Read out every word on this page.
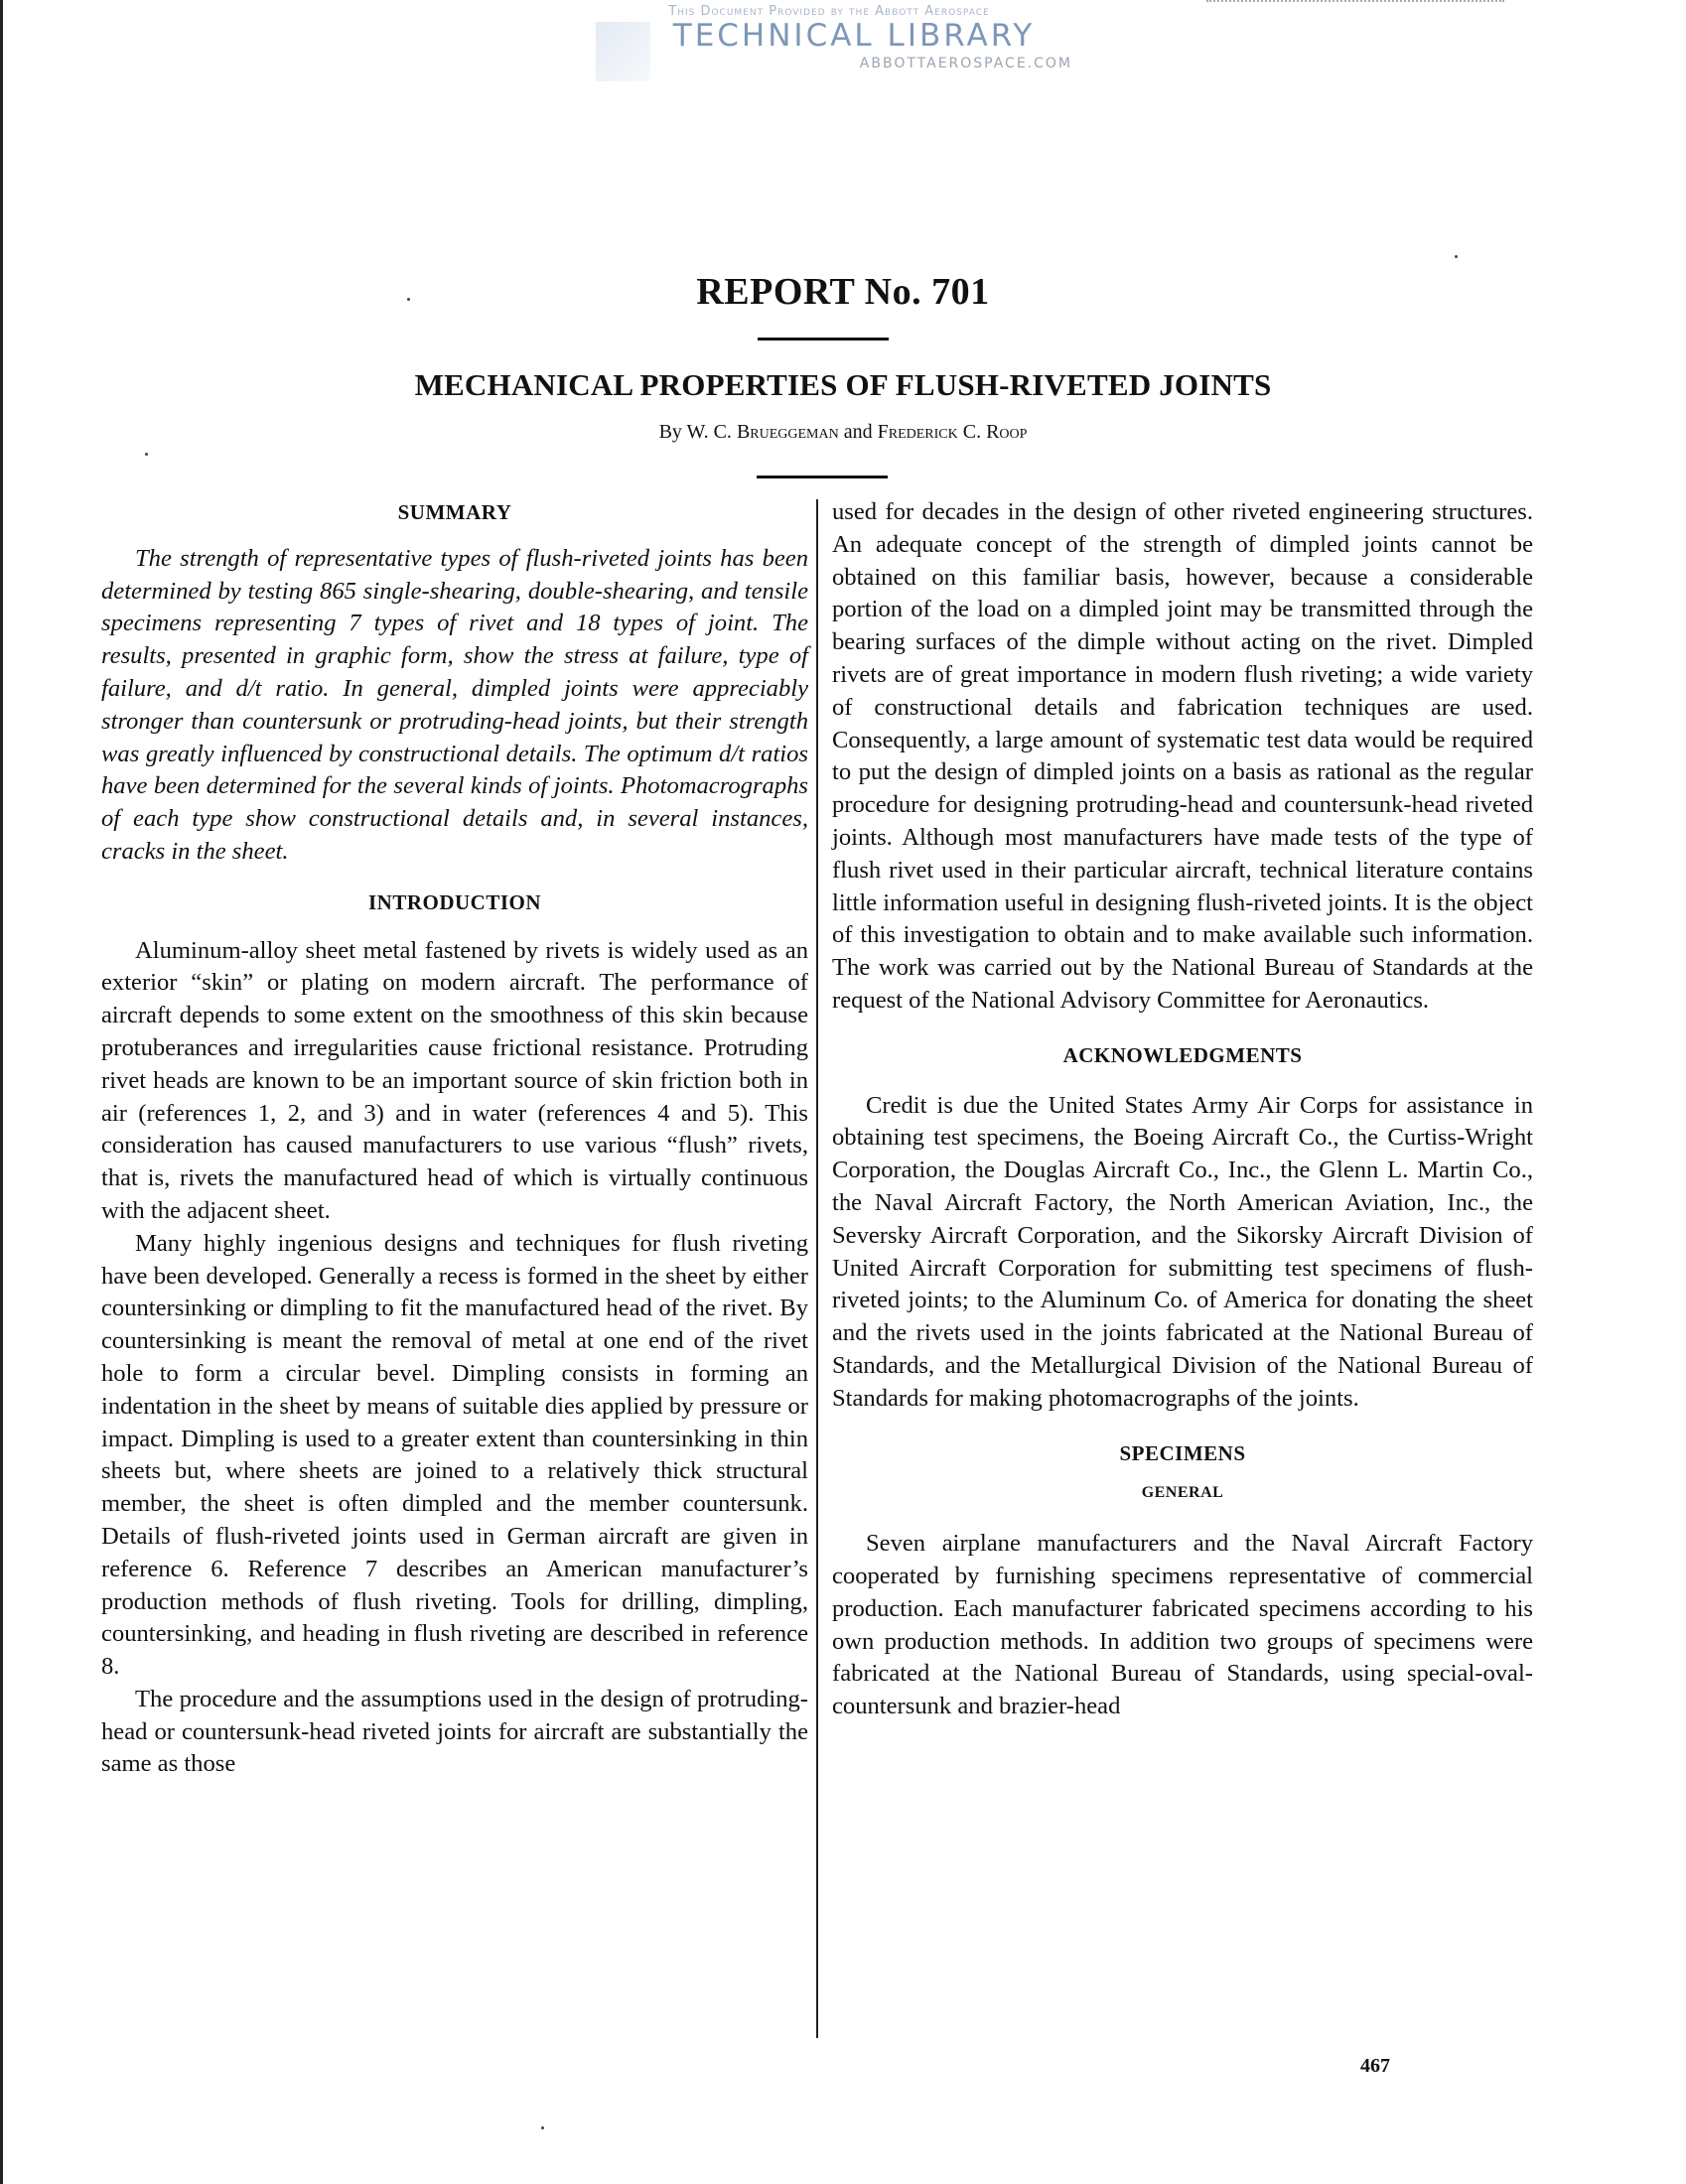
This Document Provided by the Abbott Aerospace
TECHNICAL LIBRARY
ABBOTTAEROSPACE.COM
REPORT No. 701
MECHANICAL PROPERTIES OF FLUSH-RIVETED JOINTS
By W. C. Brueggeman and Frederick C. Roop
SUMMARY

The strength of representative types of flush-riveted joints has been determined by testing 865 single-shearing, double-shearing, and tensile specimens representing 7 types of rivet and 18 types of joint. The results, presented in graphic form, show the stress at failure, type of failure, and d/t ratio. In general, dimpled joints were appreciably stronger than countersunk or protruding-head joints, but their strength was greatly influenced by constructional details. The optimum d/t ratios have been determined for the several kinds of joints. Photomacrographs of each type show constructional details and, in several instances, cracks in the sheet.

INTRODUCTION

Aluminum-alloy sheet metal fastened by rivets is widely used as an exterior “skin” or plating on modern aircraft. The performance of aircraft depends to some extent on the smoothness of this skin because protuberances and irregularities cause frictional resistance. Protruding rivet heads are known to be an important source of skin friction both in air (references 1, 2, and 3) and in water (references 4 and 5). This consideration has caused manufacturers to use various “flush” rivets, that is, rivets the manufactured head of which is virtually continuous with the adjacent sheet.

Many highly ingenious designs and techniques for flush riveting have been developed. Generally a recess is formed in the sheet by either countersinking or dimpling to fit the manufactured head of the rivet. By countersinking is meant the removal of metal at one end of the rivet hole to form a circular bevel. Dimpling consists in forming an indentation in the sheet by means of suitable dies applied by pressure or impact. Dimpling is used to a greater extent than countersinking in thin sheets but, where sheets are joined to a relatively thick structural member, the sheet is often dimpled and the member countersunk. Details of flush-riveted joints used in German aircraft are given in reference 6. Reference 7 describes an American manufacturer’s production methods of flush riveting. Tools for drilling, dimpling, countersinking, and heading in flush riveting are described in reference 8.

The procedure and the assumptions used in the design of protruding-head or countersunk-head riveted joints for aircraft are substantially the same as those

used for decades in the design of other riveted engineering structures. An adequate concept of the strength of dimpled joints cannot be obtained on this familiar basis, however, because a considerable portion of the load on a dimpled joint may be transmitted through the bearing surfaces of the dimple without acting on the rivet. Dimpled rivets are of great importance in modern flush riveting; a wide variety of constructional details and fabrication techniques are used. Consequently, a large amount of systematic test data would be required to put the design of dimpled joints on a basis as rational as the regular procedure for designing protruding-head and countersunk-head riveted joints. Although most manufacturers have made tests of the type of flush rivet used in their particular aircraft, technical literature contains little information useful in designing flush-riveted joints. It is the object of this investigation to obtain and to make available such information. The work was carried out by the National Bureau of Standards at the request of the National Advisory Committee for Aeronautics.

ACKNOWLEDGMENTS

Credit is due the United States Army Air Corps for assistance in obtaining test specimens, the Boeing Aircraft Co., the Curtiss-Wright Corporation, the Douglas Aircraft Co., Inc., the Glenn L. Martin Co., the Naval Aircraft Factory, the North American Aviation, Inc., the Seversky Aircraft Corporation, and the Sikorsky Aircraft Division of United Aircraft Corporation for submitting test specimens of flush-riveted joints; to the Aluminum Co. of America for donating the sheet and the rivets used in the joints fabricated at the National Bureau of Standards, and the Metallurgical Division of the National Bureau of Standards for making photomacrographs of the joints.

SPECIMENS
GENERAL

Seven airplane manufacturers and the Naval Aircraft Factory cooperated by furnishing specimens representative of commercial production. Each manufacturer fabricated specimens according to his own production methods. In addition two groups of specimens were fabricated at the National Bureau of Standards, using special-oval-countersunk and brazier-head

467
